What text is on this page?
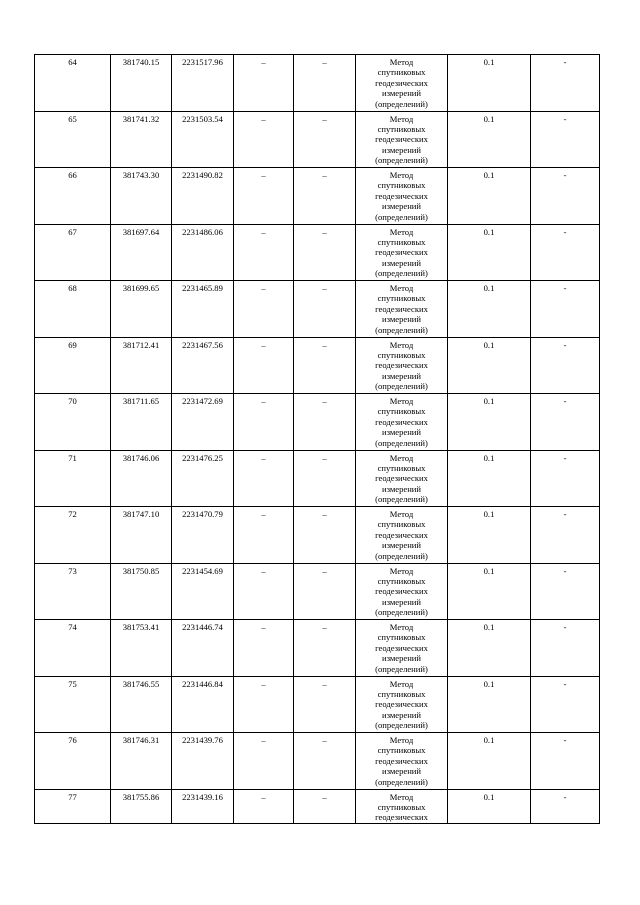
64	381740.15	2231517.96	–	–	Метод
спутниковых
геодезических
измерений
(определений)	0.1	-
65	381741.32	2231503.54	–	–	Метод
спутниковых
геодезических
измерений
(определений)	0.1	-
66	381743.30	2231490.82	–	–	Метод
спутниковых
геодезических
измерений
(определений)	0.1	-
67	381697.64	2231486.06	–	–	Метод
спутниковых
геодезических
измерений
(определений)	0.1	-
68	381699.65	2231465.89	–	–	Метод
спутниковых
геодезических
измерений
(определений)	0.1	-
69	381712.41	2231467.56	–	–	Метод
спутниковых
геодезических
измерений
(определений)	0.1	-
70	381711.65	2231472.69	–	–	Метод
спутниковых
геодезических
измерений
(определений)	0.1	-
71	381746.06	2231476.25	–	–	Метод
спутниковых
геодезических
измерений
(определений)	0.1	-
72	381747.10	2231470.79	–	–	Метод
спутниковых
геодезических
измерений
(определений)	0.1	-
73	381750.85	2231454.69	–	–	Метод
спутниковых
геодезических
измерений
(определений)	0.1	-
74	381753.41	2231446.74	–	–	Метод
спутниковых
геодезических
измерений
(определений)	0.1	-
75	381746.55	2231446.84	–	–	Метод
спутниковых
геодезических
измерений
(определений)	0.1	-
76	381746.31	2231439.76	–	–	Метод
спутниковых
геодезических
измерений
(определений)	0.1	-
77	381755.86	2231439.16	–	–	Метод
спутниковых
геодезических	0.1	-
